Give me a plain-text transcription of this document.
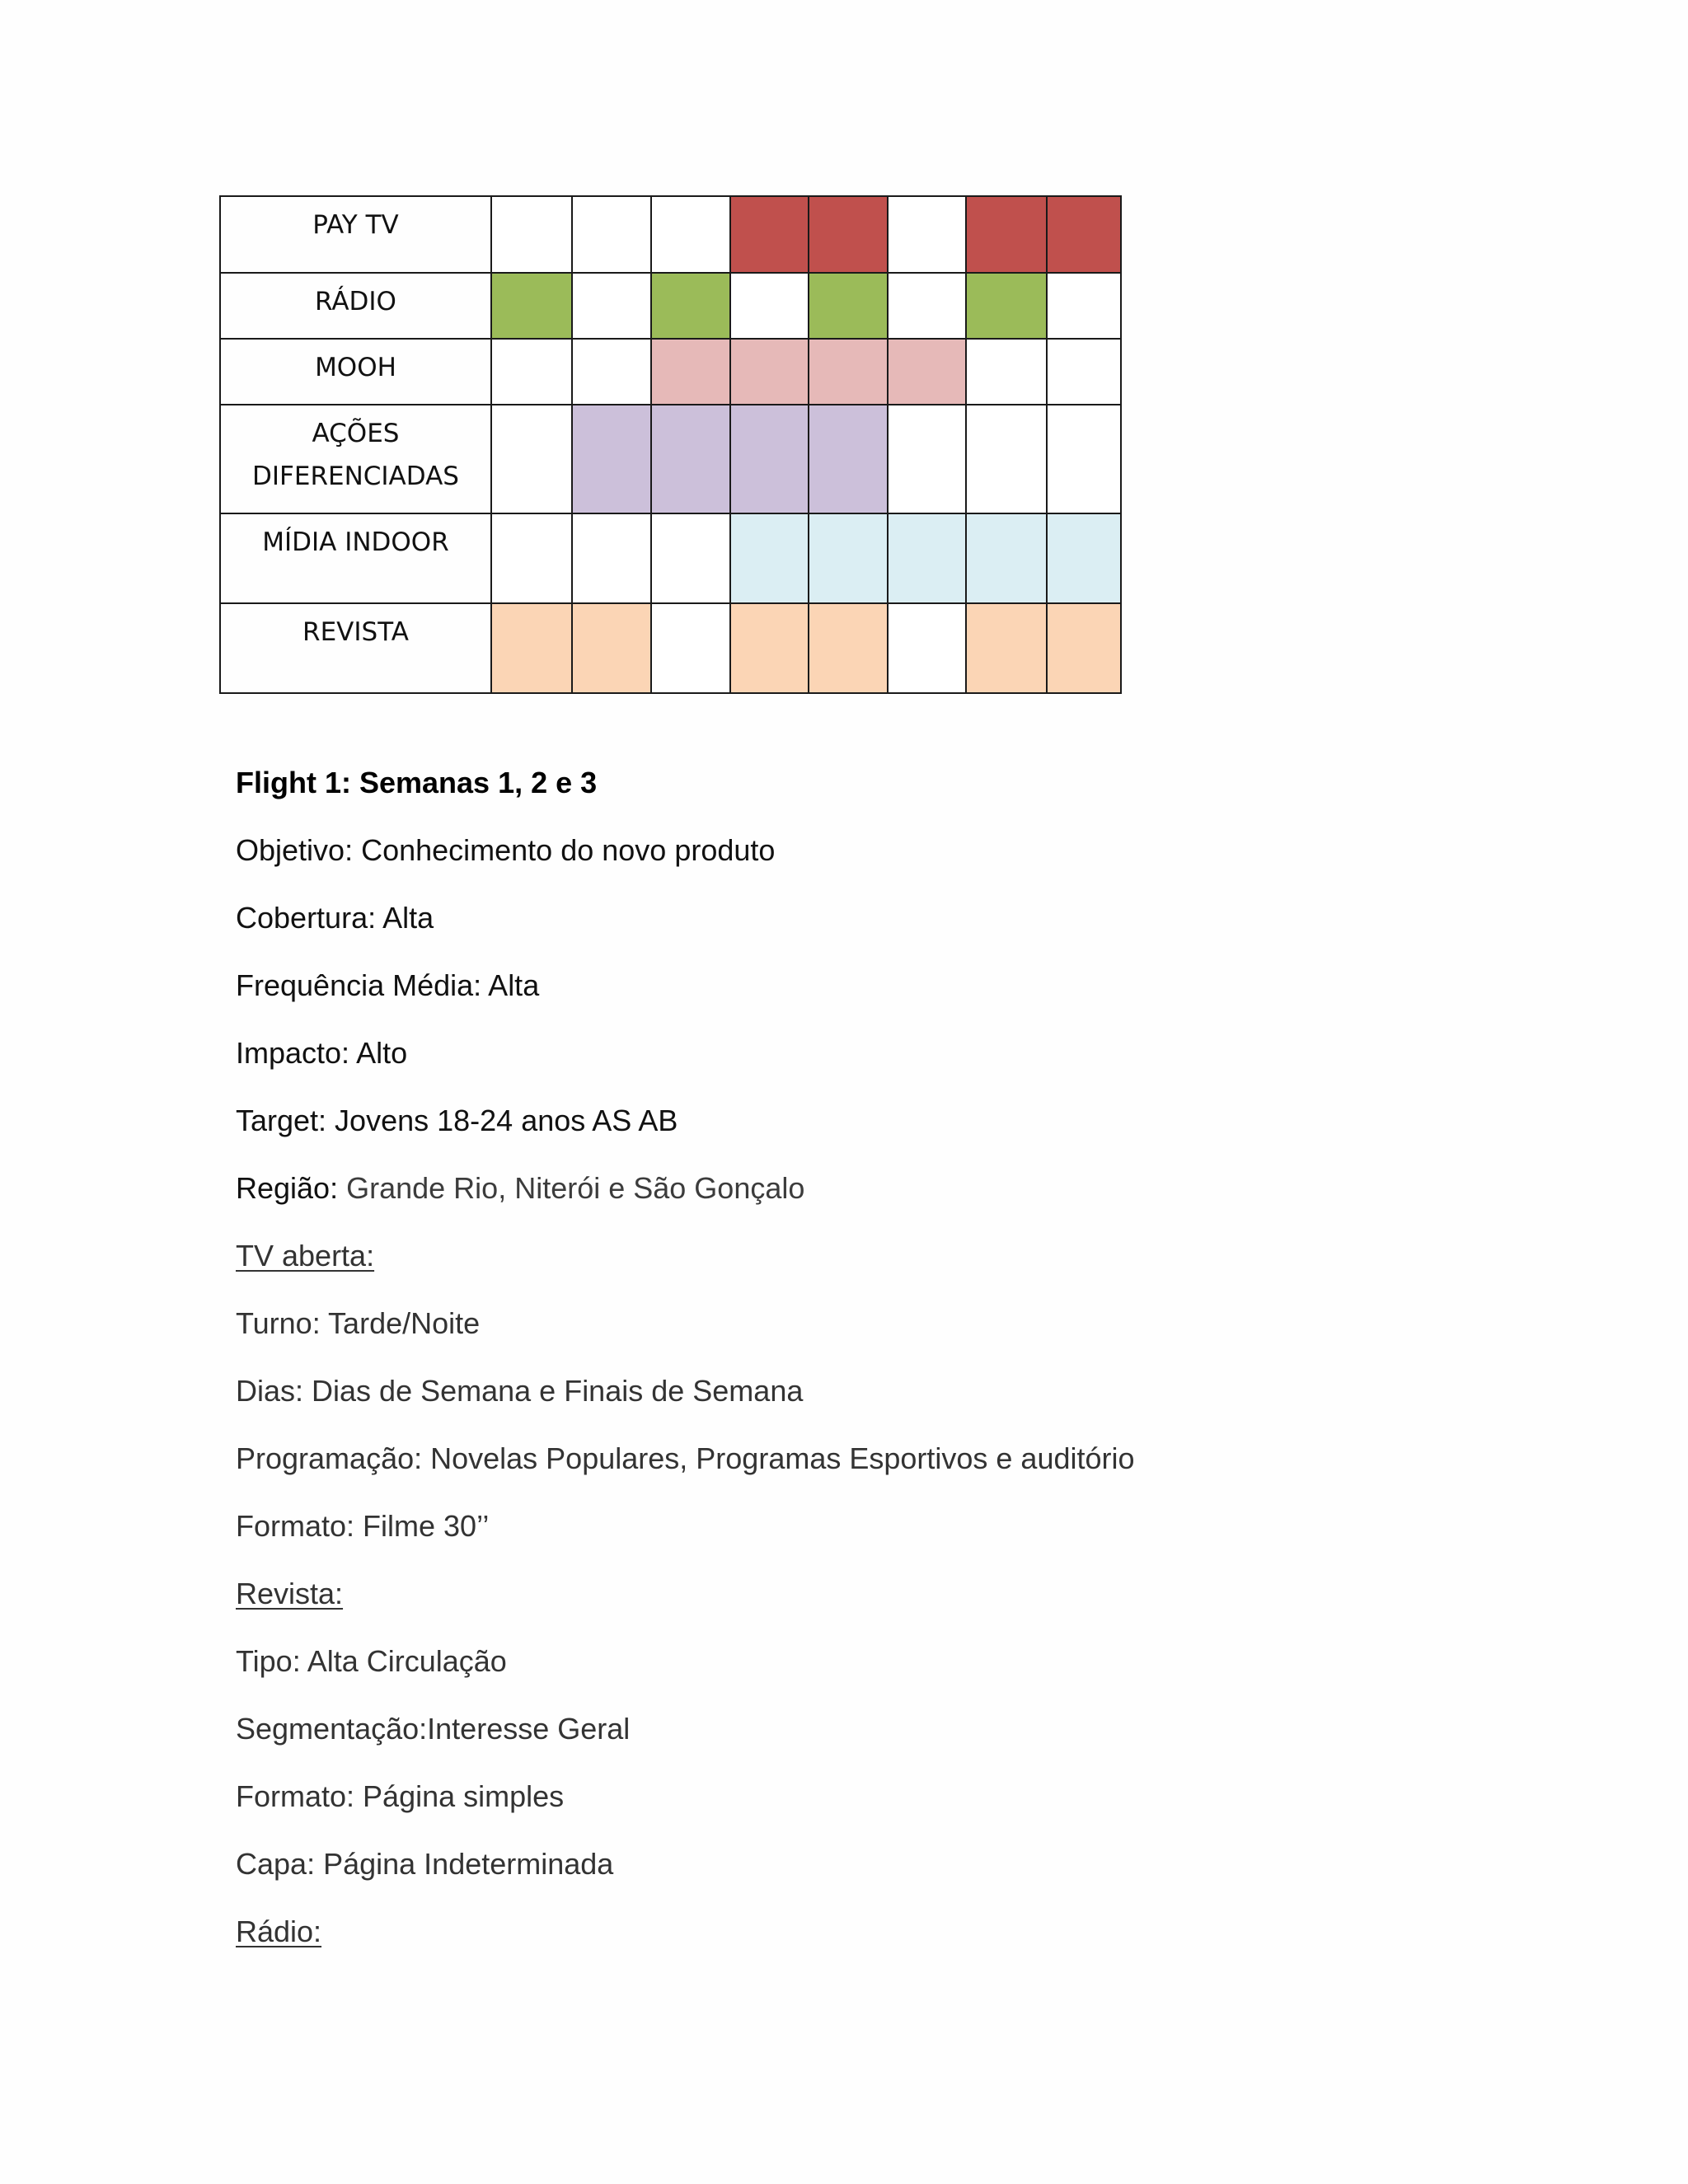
PAY TV								
RÁDIO								
MOOH								
AÇÕES
DIFERENCIADAS								
MÍDIA INDOOR								
REVISTA								
Flight 1: Semanas 1, 2 e 3
Objetivo: Conhecimento do novo produto
Cobertura: Alta
Frequência Média: Alta
Impacto: Alto
Target: Jovens 18-24 anos AS AB
Região: Grande Rio, Niterói e São Gonçalo
TV aberta:
Turno: Tarde/Noite
Dias: Dias de Semana e Finais de Semana
Programação: Novelas Populares, Programas Esportivos e auditório
Formato: Filme 30’’
Revista:
Tipo: Alta Circulação
Segmentação:Interesse Geral
Formato: Página simples
Capa: Página Indeterminada
Rádio:
